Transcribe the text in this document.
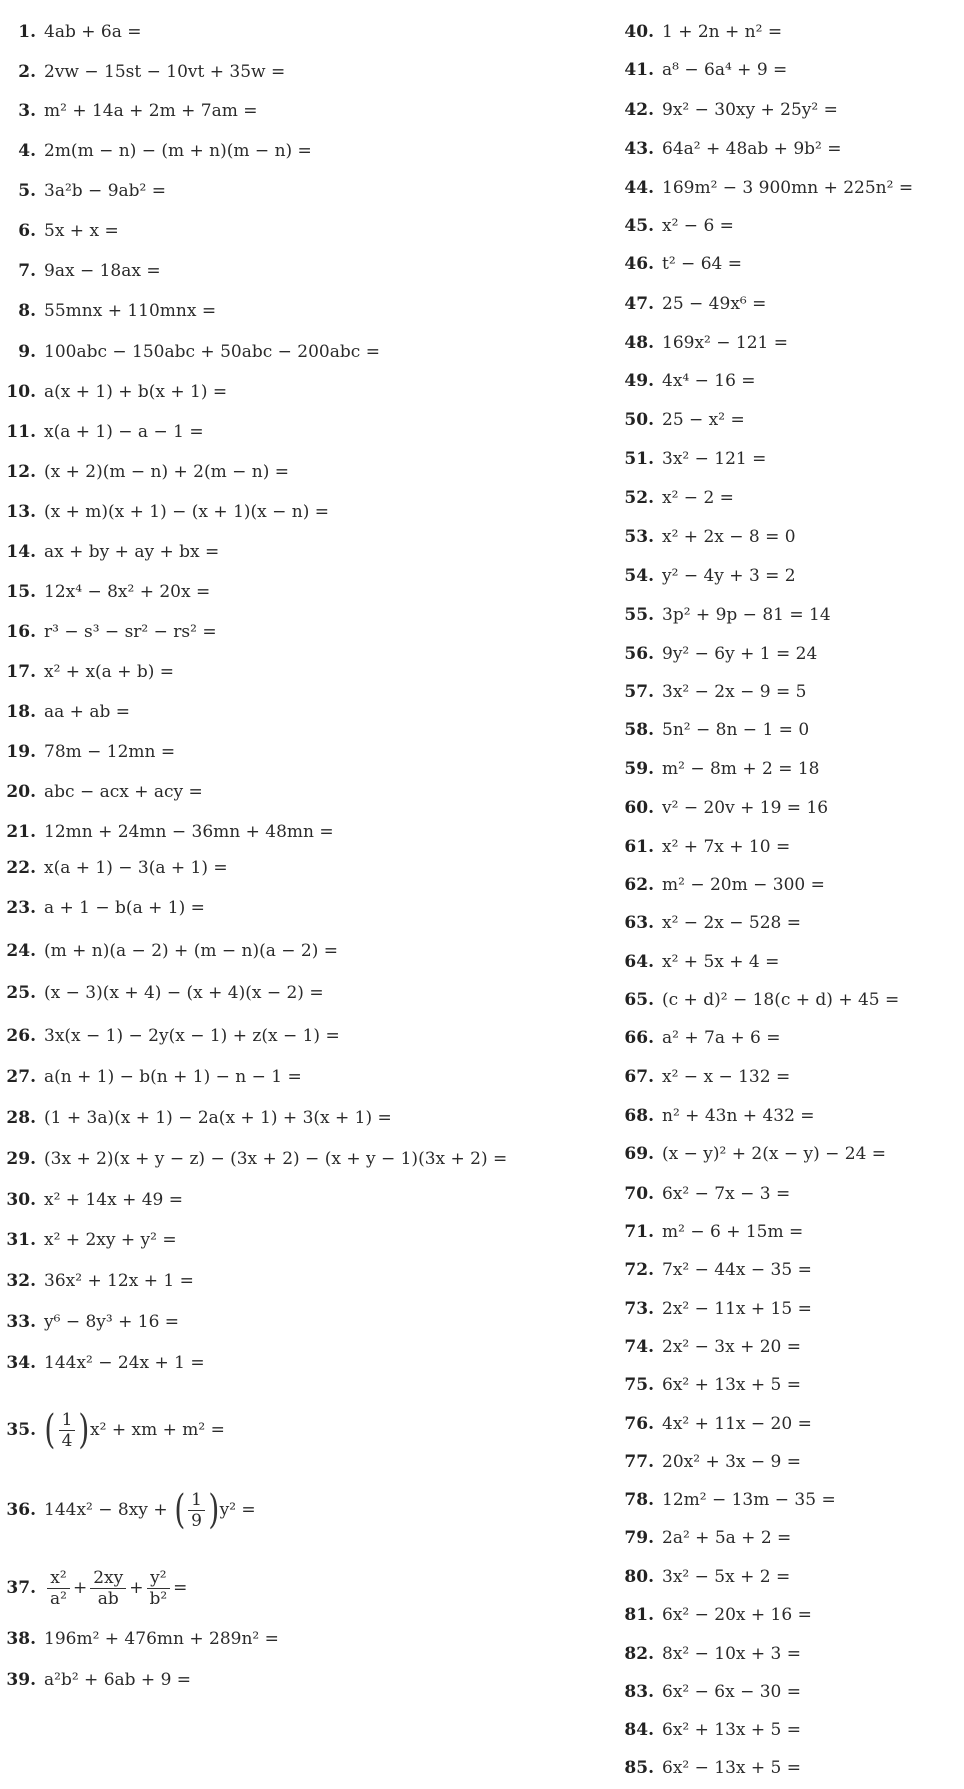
1. 4ab + 6a =
2. 2vw − 15st − 10vt + 35w =
3. m² + 14a + 2m + 7am =
4. 2m(m − n) − (m + n)(m − n) =
5. 3a²b − 9ab² =
6. 5x + x =
7. 9ax − 18ax =
8. 55mnx + 110mnx =
9. 100abc − 150abc + 50abc − 200abc =
10. a(x + 1) + b(x + 1) =
11. x(a + 1) − a − 1 =
12. (x + 2)(m − n) + 2(m − n) =
13. (x + m)(x + 1) − (x + 1)(x − n) =
14. ax + by + ay + bx =
15. 12x⁴ − 8x² + 20x =
16. r³ − s³ − sr² − rs² =
17. x² + x(a + b) =
18. aa + ab =
19. 78m − 12mn =
20. abc − acx + acy =
21. 12mn + 24mn − 36mn + 48mn =
22. x(a + 1) − 3(a + 1) =
23. a + 1 − b(a + 1) =
24. (m + n)(a − 2) + (m − n)(a − 2) =
25. (x − 3)(x + 4) − (x + 4)(x − 2) =
26. 3x(x − 1) − 2y(x − 1) + z(x − 1) =
27. a(n + 1) − b(n + 1) − n − 1 =
28. (1 + 3a)(x + 1) − 2a(x + 1) + 3(x + 1) =
29. (3x + 2)(x + y − z) − (3x + 2) − (x + y − 1)(3x + 2) =
30. x² + 14x + 49 =
31. x² + 2xy + y² =
32. 36x² + 12x + 1 =
33. y⁶ − 8y³ + 16 =
34. 144x² − 24x + 1 =
35. ( $\frac{1}{4}$ ) x² + xm + m² =
36. 144x² − 8xy + ( $\frac{1}{9}$ ) y² =
37. $\frac{\text{x²}}{\text{a²}} + \frac{2xy}{ab} + \frac{\text{y²}}{\text{b²}}$ =
38. 196m² + 476mn + 289n² =
39. a²b² + 6ab + 9 =
40. 1 + 2n + n² =
41. a⁸ − 6a⁴ + 9 =
42. 9x² − 30xy + 25y² =
43. 64a² + 48ab + 9b² =
44. 169m² − 3 900mn + 225n² =
45. x² − 6 =
46. t² − 64 =
47. 25 − 49x⁶ =
48. 169x² − 121 =
49. 4x⁴ − 16 =
50. 25 − x² =
51. 3x² − 121 =
52. x² − 2 =
53. x² + 2x − 8 = 0
54. y² − 4y + 3 = 2
55. 3p² + 9p − 81 = 14
56. 9y² − 6y + 1 = 24
57. 3x² − 2x − 9 = 5
58. 5n² − 8n − 1 = 0
59. m² − 8m + 2 = 18
60. v² − 20v + 19 = 16
61. x² + 7x + 10 =
62. m² − 20m − 300 =
63. x² − 2x − 528 =
64. x² + 5x + 4 =
65. (c + d)² − 18(c + d) + 45 =
66. a² + 7a + 6 =
67. x² − x − 132 =
68. n² + 43n + 432 =
69. (x − y)² + 2(x − y) − 24 =
70. 6x² − 7x − 3 =
71. m² − 6 + 15m =
72. 7x² − 44x − 35 =
73. 2x² − 11x + 15 =
74. 2x² − 3x + 20 =
75. 6x² + 13x + 5 =
76. 4x² + 11x − 20 =
77. 20x² + 3x − 9 =
78. 12m² − 13m − 35 =
79. 2a² + 5a + 2 =
80. 3x² − 5x + 2 =
81. 6x² − 20x + 16 =
82. 8x² − 10x + 3 =
83. 6x² − 6x − 30 =
84. 6x² + 13x + 5 =
85. 6x² − 13x + 5 =
